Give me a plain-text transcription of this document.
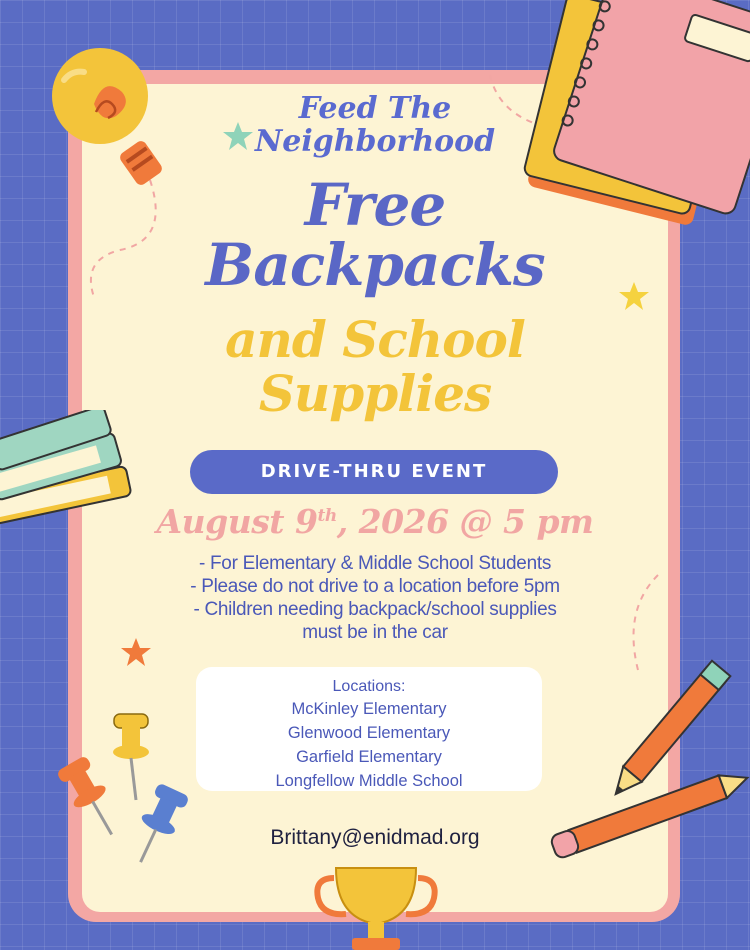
Feed The
Neighborhood
Free
Backpacks
and School
Supplies
DRIVE-THRU EVENT
August 9th, 2026 @ 5 pm
- For Elementary & Middle School Students
- Please do not drive to a location before 5pm
- Children needing backpack/school supplies
must be in the car
Locations:
McKinley Elementary
Glenwood Elementary
Garfield Elementary
Longfellow Middle School
Brittany@enidmad.org
